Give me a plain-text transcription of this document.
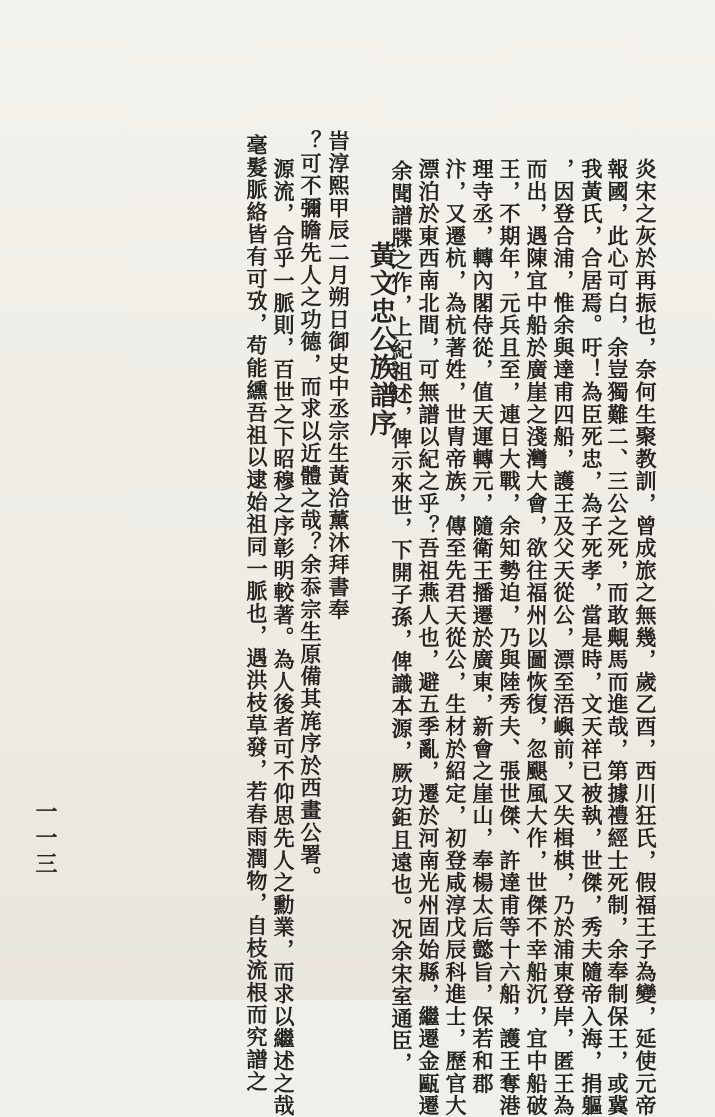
毫髮脈絡皆有可攷，苟能纁吾祖以逮始祖同一脈也，遇洪枝草發，若春雨潤物，自枝流根而究譜之 源流，合乎一脈則，百世之下昭穆之序彰明較著。為人後者可不仰思先人之勳業，而求以繼述之哉 ？可不彌瞻先人之功德，而求以近體之哉？余忝宗生原備其旄序於西畫公署。 旹淳熙甲辰二月朔日御史中丞宗生黃洽薰沐拜書奉 黃文忠公族譜序
余聞譜牒之作，上紀祖述，俾示來世，下開子孫，俾識本源，厥功鉅且遠也。况余宋室通臣， 漂泊於東西南北間，可無譜以紀之乎？吾祖燕人也，避五季亂，遷於河南光州固始縣，繼遷金甌遷 汴，又遷杭，為杭著姓，世胄帝族，傳至先君天從公，生材於紹定，初登咸淳戊辰科進士，歷官大 理寺丞，轉內閣侍從，值天運轉元，隨衛王播遷於廣東，新會之崖山，奉楊太后懿旨，保若和郡 王，不期年，元兵且至，連日大戰，余知勢迫，乃與陸秀夫、張世傑、許達甫等十六船，護王奪港 而出，遇陳宜中船於廣崖之淺灣大會，欲往福州以圖恢復，忽颶風大作，世傑不幸船沉，宜中船破 ，因登合浦，惟余與達甫四船，護王及父天從公，漂至浯嶼前，又失楫棋，乃於浦東登岸，匿王為 我黃氏，合居焉。吁！為臣死忠，為子死孝，當是時，文天祥已被執，世傑，秀夫隨帝入海，捐軀 報國，此心可白，余豈獨難二、三公之死，而敢覥馬而進哉，第據禮經士死制，余奉制保王，或冀 炎宋之灰於再振也，奈何生聚教訓，曾成旅之無幾，歲乙酉，西川狂氏，假福王子為變，延使元帝
一一三
